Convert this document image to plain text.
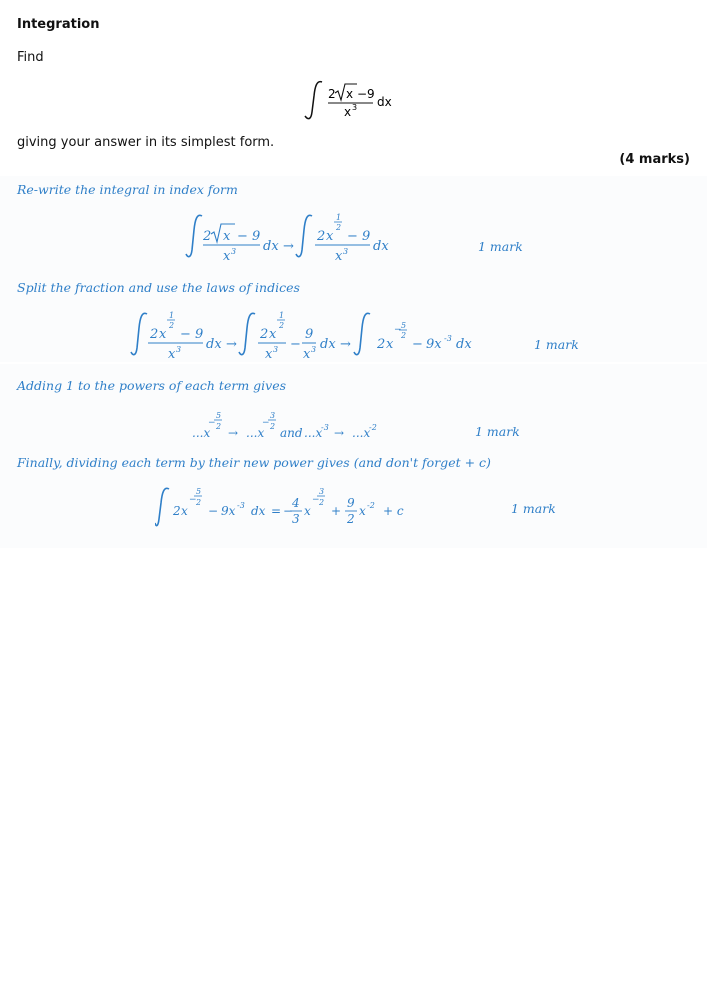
Integration
Find
2 x −9
x 3 dx
giving your answer in its simplest form.
(4 marks)
Re-write the integral in index form
2 x − 9
x 3 dx →
2 x
1
2
− 9
x 3 dx	1 mark
Split the fraction and use the laws of indices
2 x
1
2
− 9
x 3 dx →
2 x
1
2
x 3 −
9
x 3 dx → 2 x
− 5
2
− 9x -3 dx	1 mark
Adding 1 to the powers of each term gives
...x
−
5
2 → ...x
−
3
2 and ...x
-3 → ...x
-2	1 mark
Finally, dividing each term by their new power gives (and don't forget + c)
2 x
−
5
2
− 9x -3 dx = −
4
3
x
−
3
2
+
9
2
x -2 + c	1 mark
